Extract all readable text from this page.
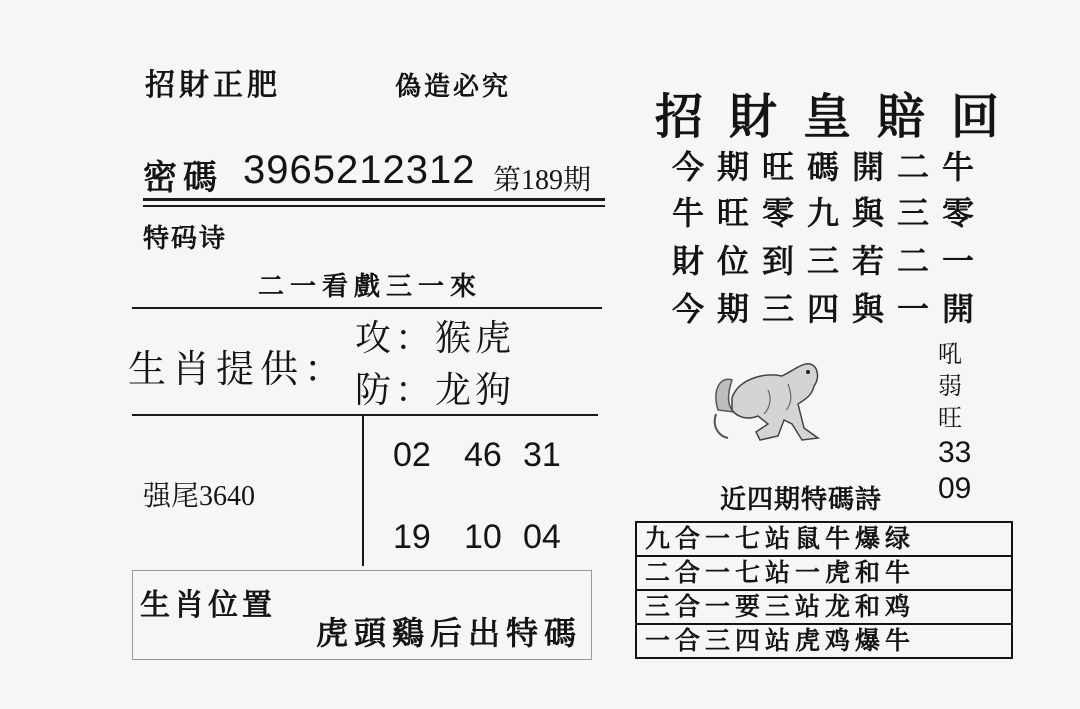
招財正肥	偽造必究
密碼 3965212312 第189期
特码诗
二一看戲三一來
生肖提供：
攻：猴虎
防：龙狗
强尾3640
02 46 31
19 10 04
生肖位置
虎頭鷄后出特碼
招財皇賠回
今期旺碼開二牛
牛旺零九與三零
財位到三若二一
今期三四與一開
吼
弱
旺
33
09
近四期特碼詩
九合一七站鼠牛爆绿
二合一七站一虎和牛
三合一要三站龙和鸡
一合三四站虎鸡爆牛
